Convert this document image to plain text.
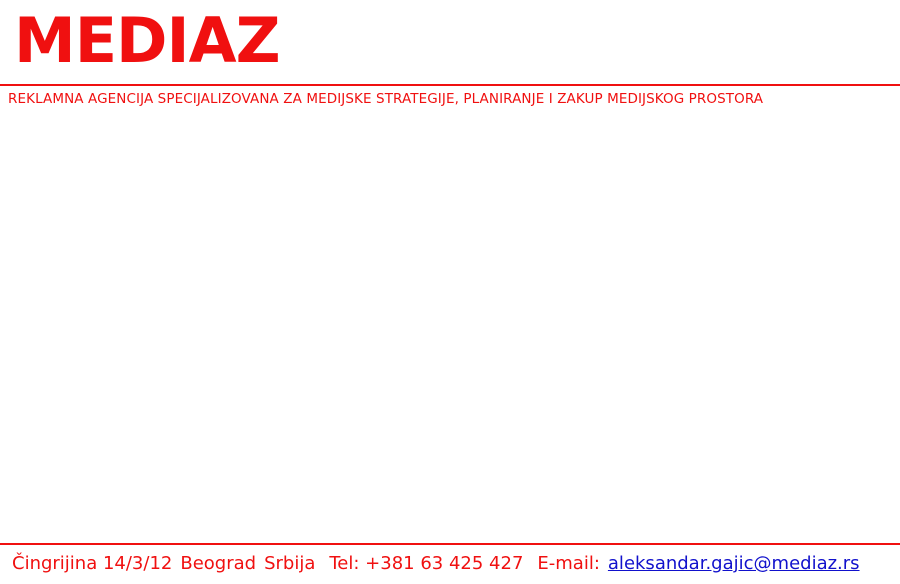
MEDIAZ
REKLAMNA AGENCIJA SPECIJALIZOVANA ZA MEDIJSKE STRATEGIJE, PLANIRANJE I ZAKUP MEDIJSKOG PROSTORA
Čingrijina 14/3/12 Beograd Srbija Tel: +381 63 425 427 E-mail: aleksandar.gajic@mediaz.rs
